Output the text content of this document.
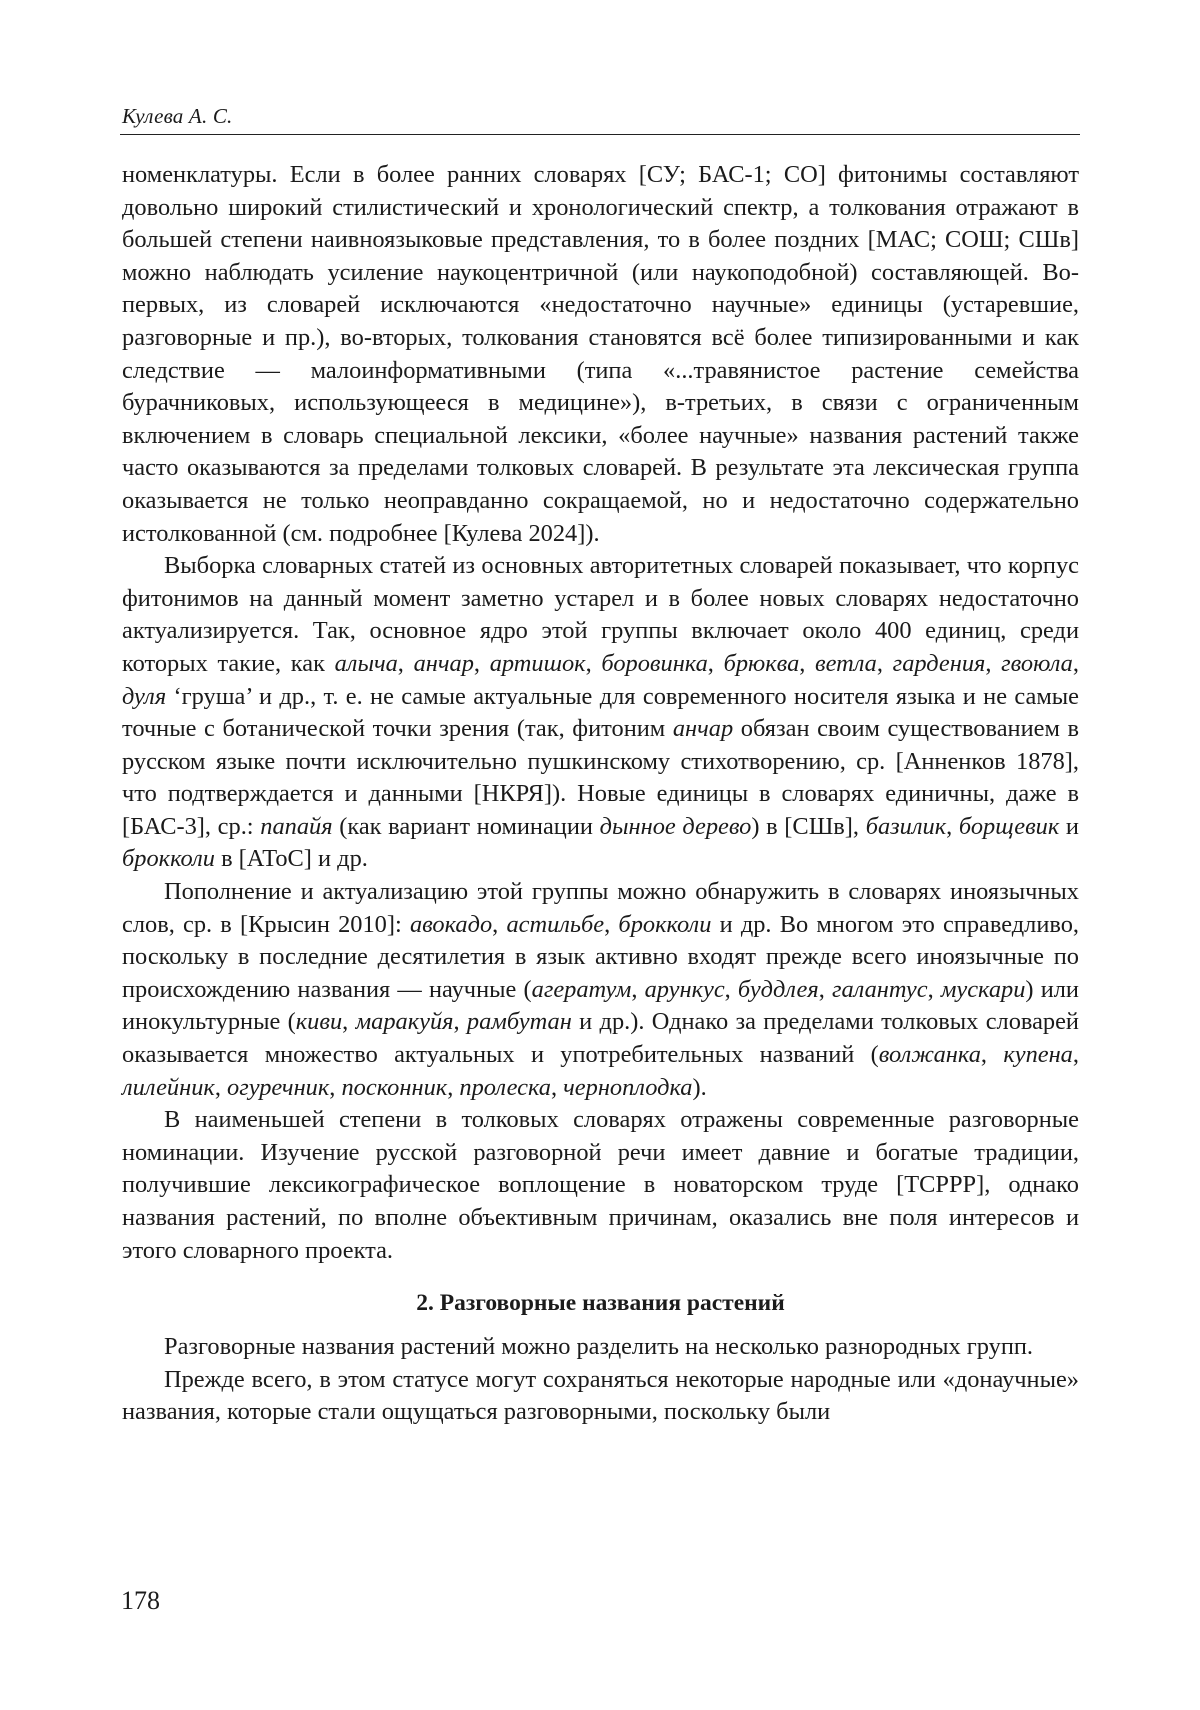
Кулева А. С.

номенклатуры. Если в более ранних словарях [СУ; БАС-1; СО] фитонимы составляют довольно широкий стилистический и хронологический спектр, а толкования отражают в большей степени наивноязыковые представления, то в более поздних [МАС; СОШ; СШв] можно наблюдать усиление наукоцентричной (или наукоподобной) составляющей. Во-первых, из словарей исключаются «недостаточно научные» единицы (устаревшие, разговорные и пр.), во-вторых, толкования становятся всё более типизированными и как следствие — малоинформативными (типа «...травянистое растение семейства бурачниковых, использующееся в медицине»), в-третьих, в связи с ограниченным включением в словарь специальной лексики, «более научные» названия растений также часто оказываются за пределами толковых словарей. В результате эта лексическая группа оказывается не только неоправданно сокращаемой, но и недостаточно содержательно истолкованной (см. подробнее [Кулева 2024]).

Выборка словарных статей из основных авторитетных словарей показывает, что корпус фитонимов на данный момент заметно устарел и в более новых словарях недостаточно актуализируется. Так, основное ядро этой группы включает около 400 единиц, среди которых такие, как алыча, анчар, артишок, боровинка, брюква, ветла, гардения, гвоюла, дуля ‘груша’ и др., т. е. не самые актуальные для современного носителя языка и не самые точные с ботанической точки зрения (так, фитоним анчар обязан своим существованием в русском языке почти исключительно пушкинскому стихотворению, ср. [Анненков 1878], что подтверждается и данными [НКРЯ]). Новые единицы в словарях единичны, даже в [БАС-3], ср.: папайя (как вариант номинации дынное дерево) в [СШв], базилик, борщевик и брокколи в [АТоС] и др.

Пополнение и актуализацию этой группы можно обнаружить в словарях иноязычных слов, ср. в [Крысин 2010]: авокадо, астильбе, брокколи и др. Во многом это справедливо, поскольку в последние десятилетия в язык активно входят прежде всего иноязычные по происхождению названия — научные (агератум, арункус, буддлея, галантус, мускари) или инокультурные (киви, маракуйя, рамбутан и др.). Однако за пределами толковых словарей оказывается множество актуальных и употребительных названий (волжанка, купена, лилейник, огуречник, посконник, пролеска, черноплодка).

В наименьшей степени в толковых словарях отражены современные разговорные номинации. Изучение русской разговорной речи имеет давние и богатые традиции, получившие лексикографическое воплощение в новаторском труде [ТСРРР], однако названия растений, по вполне объективным причинам, оказались вне поля интересов и этого словарного проекта.

2. Разговорные названия растений

Разговорные названия растений можно разделить на несколько разнородных групп.

Прежде всего, в этом статусе могут сохраняться некоторые народные или «донаучные» названия, которые стали ощущаться разговорными, поскольку были

178
